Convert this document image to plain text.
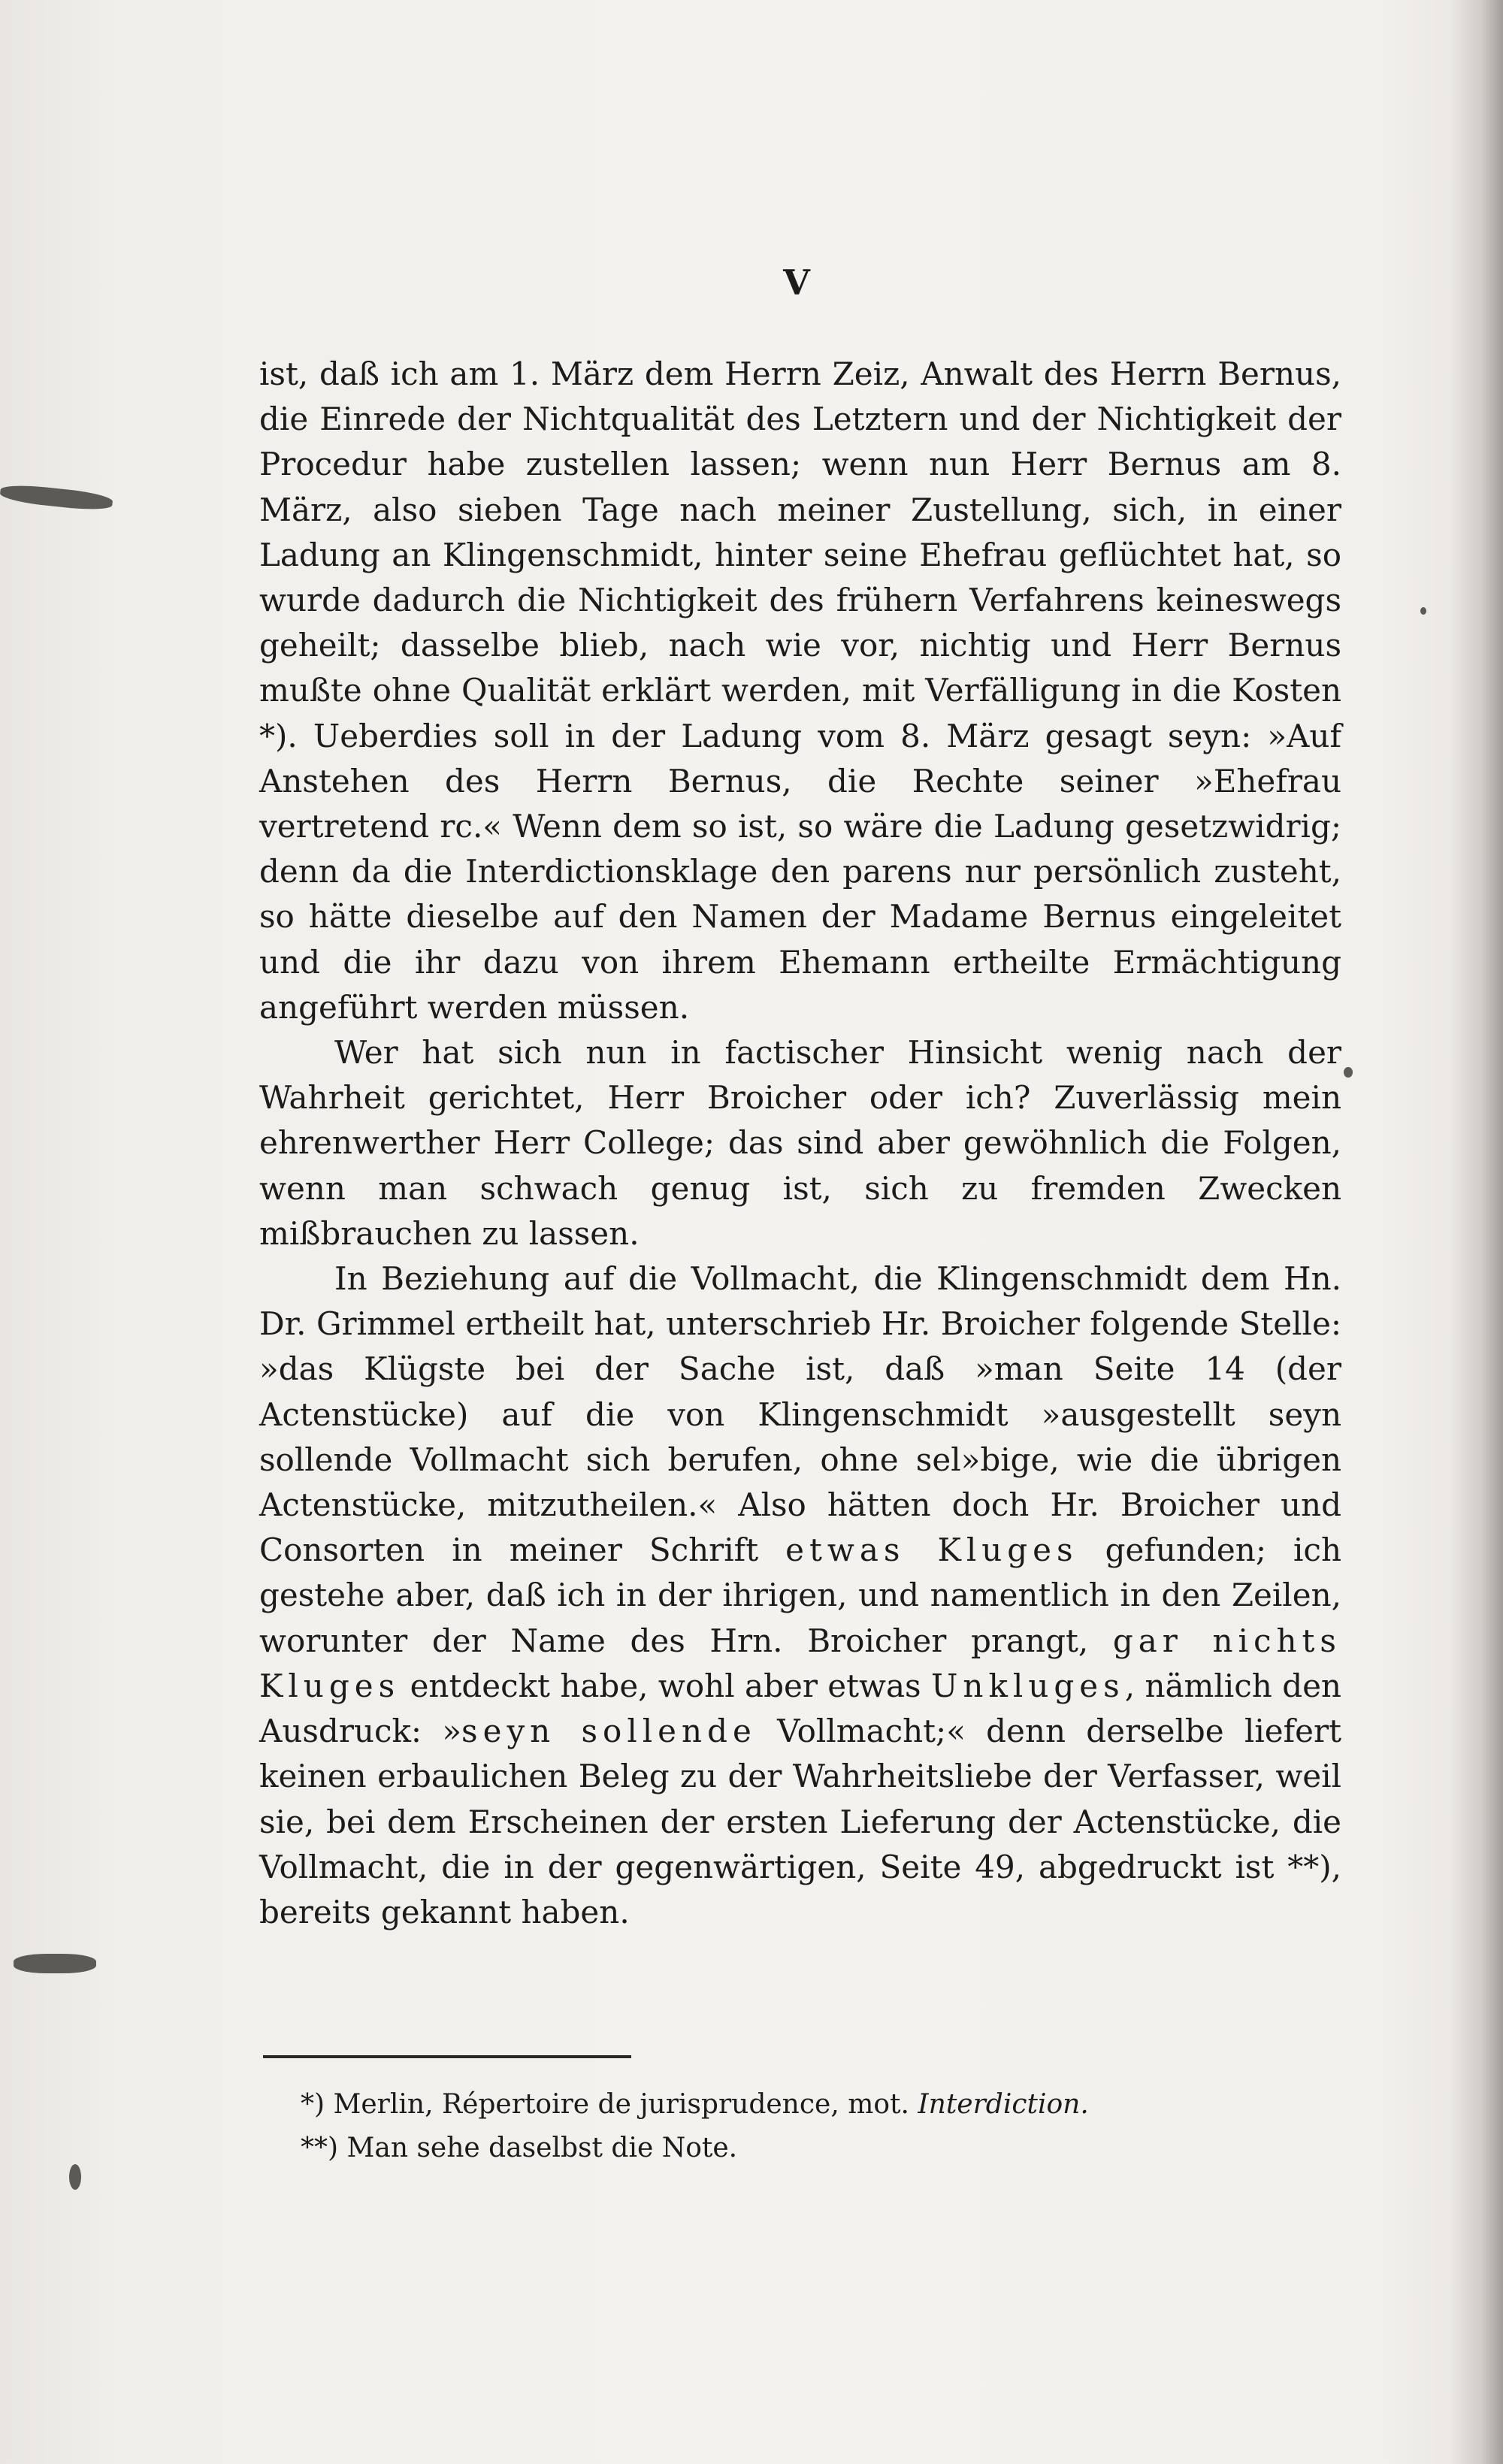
V

ist, daß ich am 1. März dem Herrn Zeiz, Anwalt des Herrn Bernus, die Einrede der Nichtqualität des Letztern und der Nichtigkeit der Procedur habe zustellen lassen; wenn nun Herr Bernus am 8. März, also sieben Tage nach meiner Zustellung, sich, in einer Ladung an Klingenschmidt, hinter seine Ehefrau geflüchtet hat, so wurde dadurch die Nichtigkeit des frühern Verfahrens keineswegs geheilt; dasselbe blieb, nach wie vor, nichtig und Herr Bernus mußte ohne Qualität erklärt werden, mit Verfälligung in die Kosten *). Ueberdies soll in der Ladung vom 8. März gesagt seyn: »Auf Anstehen des Herrn Bernus, die Rechte seiner »Ehefrau vertretend rc.« Wenn dem so ist, so wäre die Ladung gesetzwidrig; denn da die Interdictionsklage den parens nur persönlich zusteht, so hätte dieselbe auf den Namen der Madame Bernus eingeleitet und die ihr dazu von ihrem Ehemann ertheilte Ermächtigung angeführt werden müssen.

Wer hat sich nun in factischer Hinsicht wenig nach der Wahrheit gerichtet, Herr Broicher oder ich? Zuverlässig mein ehrenwerther Herr College; das sind aber gewöhnlich die Folgen, wenn man schwach genug ist, sich zu fremden Zwecken mißbrauchen zu lassen.

In Beziehung auf die Vollmacht, die Klingenschmidt dem Hn. Dr. Grimmel ertheilt hat, unterschrieb Hr. Broicher folgende Stelle: »das Klügste bei der Sache ist, daß »man Seite 14 (der Actenstücke) auf die von Klingenschmidt »ausgestellt seyn sollende Vollmacht sich berufen, ohne sel»bige, wie die übrigen Actenstücke, mitzutheilen.« Also hätten doch Hr. Broicher und Consorten in meiner Schrift etwas Kluges gefunden; ich gestehe aber, daß ich in der ihrigen, und namentlich in den Zeilen, worunter der Name des Hrn. Broicher prangt, gar nichts Kluges entdeckt habe, wohl aber etwas Unkluges, nämlich den Ausdruck: »seyn sollende Vollmacht;« denn derselbe liefert keinen erbaulichen Beleg zu der Wahrheitsliebe der Verfasser, weil sie, bei dem Erscheinen der ersten Lieferung der Actenstücke, die Vollmacht, die in der gegenwärtigen, Seite 49, abgedruckt ist **), bereits gekannt haben.

*) Merlin, Répertoire de jurisprudence, mot. Interdiction.
**) Man sehe daselbst die Note.
